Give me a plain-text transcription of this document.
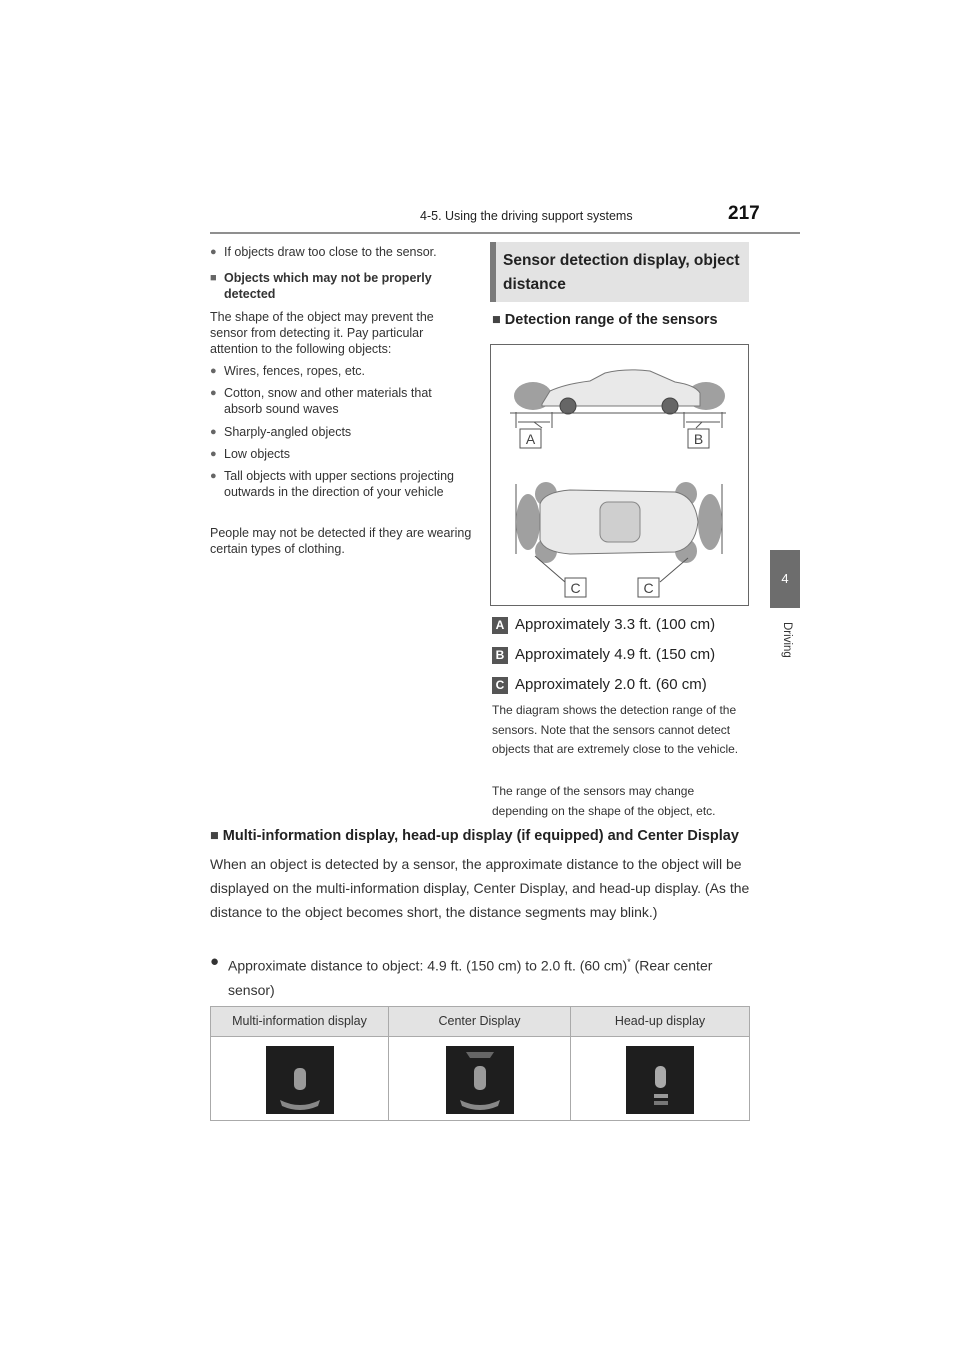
4-5. Using the driving support systems	217
4
Driving
● If objects draw too close to the sensor.
■ Objects which may not be properly detected
The shape of the object may prevent the sensor from detecting it. Pay particular attention to the following objects:
● Wires, fences, ropes, etc.
● Cotton, snow and other materials that absorb sound waves
● Sharply-angled objects
● Low objects
● Tall objects with upper sections projecting outwards in the direction of your vehicle
People may not be detected if they are wearing certain types of clothing.
Sensor detection display, object distance
■ Detection range of the sensors
A	B
C	C
A Approximately 3.3 ft. (100 cm)
B Approximately 4.9 ft. (150 cm)
C Approximately 2.0 ft. (60 cm)
The diagram shows the detection range of the sensors. Note that the sensors cannot detect objects that are extremely close to the vehicle.
The range of the sensors may change depending on the shape of the object, etc.
■ Multi-information display, head-up display (if equipped) and Center Display
When an object is detected by a sensor, the approximate distance to the object will be displayed on the multi-information display, Center Display, and head-up display. (As the distance to the object becomes short, the distance segments may blink.)
● Approximate distance to object: 4.9 ft. (150 cm) to 2.0 ft. (60 cm)* (Rear center sensor)
Multi-information display	Center Display	Head-up display
